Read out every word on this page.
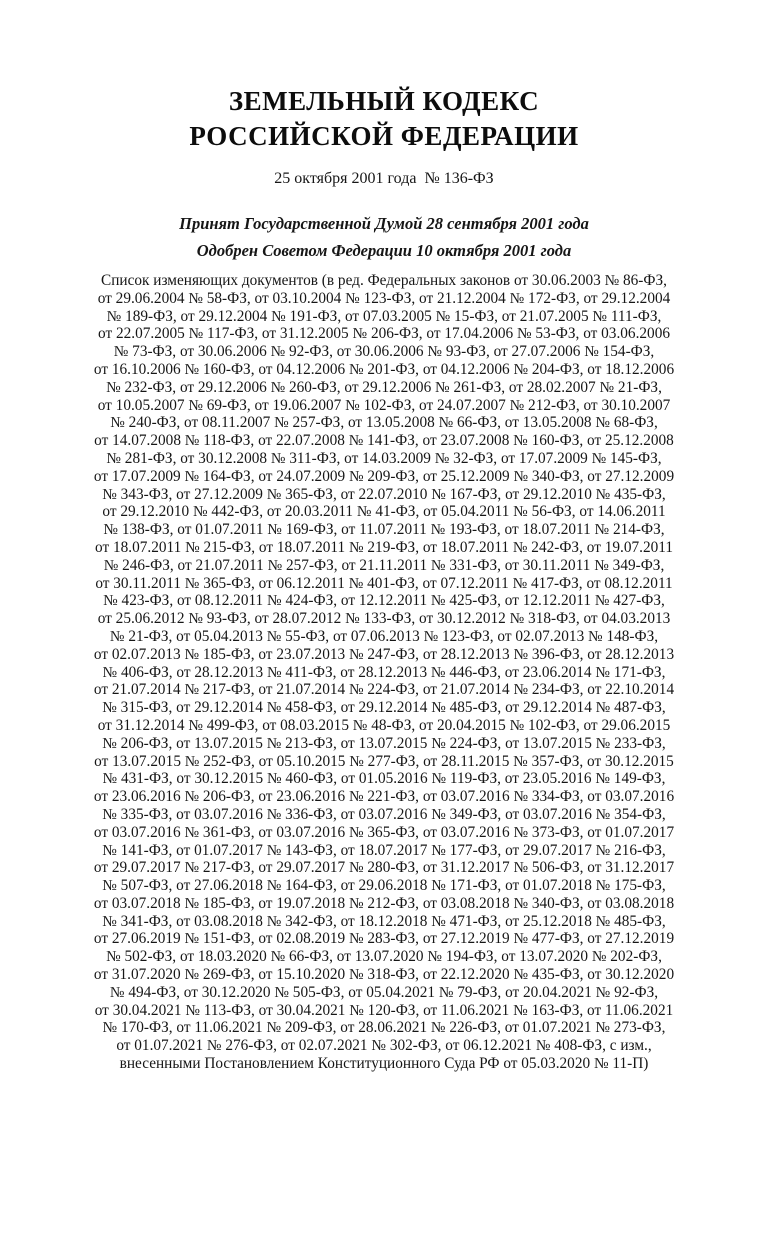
ЗЕМЕЛЬНЫЙ КОДЕКС
РОССИЙСКОЙ ФЕДЕРАЦИИ
25 октября 2001 года  № 136-ФЗ
Принят Государственной Думой 28 сентября 2001 года
Одобрен Советом Федерации 10 октября 2001 года
Список изменяющих документов (в ред. Федеральных законов от 30.06.2003 № 86-ФЗ,
от 29.06.2004 № 58-ФЗ, от 03.10.2004 № 123-ФЗ, от 21.12.2004 № 172-ФЗ, от 29.12.2004
№ 189-ФЗ, от 29.12.2004 № 191-ФЗ, от 07.03.2005 № 15-ФЗ, от 21.07.2005 № 111-ФЗ,
от 22.07.2005 № 117-ФЗ, от 31.12.2005 № 206-ФЗ, от 17.04.2006 № 53-ФЗ, от 03.06.2006
№ 73-ФЗ, от 30.06.2006 № 92-ФЗ, от 30.06.2006 № 93-ФЗ, от 27.07.2006 № 154-ФЗ,
от 16.10.2006 № 160-ФЗ, от 04.12.2006 № 201-ФЗ, от 04.12.2006 № 204-ФЗ, от 18.12.2006
№ 232-ФЗ, от 29.12.2006 № 260-ФЗ, от 29.12.2006 № 261-ФЗ, от 28.02.2007 № 21-ФЗ,
от 10.05.2007 № 69-ФЗ, от 19.06.2007 № 102-ФЗ, от 24.07.2007 № 212-ФЗ, от 30.10.2007
№ 240-ФЗ, от 08.11.2007 № 257-ФЗ, от 13.05.2008 № 66-ФЗ, от 13.05.2008 № 68-ФЗ,
от 14.07.2008 № 118-ФЗ, от 22.07.2008 № 141-ФЗ, от 23.07.2008 № 160-ФЗ, от 25.12.2008
№ 281-ФЗ, от 30.12.2008 № 311-ФЗ, от 14.03.2009 № 32-ФЗ, от 17.07.2009 № 145-ФЗ,
от 17.07.2009 № 164-ФЗ, от 24.07.2009 № 209-ФЗ, от 25.12.2009 № 340-ФЗ, от 27.12.2009
№ 343-ФЗ, от 27.12.2009 № 365-ФЗ, от 22.07.2010 № 167-ФЗ, от 29.12.2010 № 435-ФЗ,
от 29.12.2010 № 442-ФЗ, от 20.03.2011 № 41-ФЗ, от 05.04.2011 № 56-ФЗ, от 14.06.2011
№ 138-ФЗ, от 01.07.2011 № 169-ФЗ, от 11.07.2011 № 193-ФЗ, от 18.07.2011 № 214-ФЗ,
от 18.07.2011 № 215-ФЗ, от 18.07.2011 № 219-ФЗ, от 18.07.2011 № 242-ФЗ, от 19.07.2011
№ 246-ФЗ, от 21.07.2011 № 257-ФЗ, от 21.11.2011 № 331-ФЗ, от 30.11.2011 № 349-ФЗ,
от 30.11.2011 № 365-ФЗ, от 06.12.2011 № 401-ФЗ, от 07.12.2011 № 417-ФЗ, от 08.12.2011
№ 423-ФЗ, от 08.12.2011 № 424-ФЗ, от 12.12.2011 № 425-ФЗ, от 12.12.2011 № 427-ФЗ,
от 25.06.2012 № 93-ФЗ, от 28.07.2012 № 133-ФЗ, от 30.12.2012 № 318-ФЗ, от 04.03.2013
№ 21-ФЗ, от 05.04.2013 № 55-ФЗ, от 07.06.2013 № 123-ФЗ, от 02.07.2013 № 148-ФЗ,
от 02.07.2013 № 185-ФЗ, от 23.07.2013 № 247-ФЗ, от 28.12.2013 № 396-ФЗ, от 28.12.2013
№ 406-ФЗ, от 28.12.2013 № 411-ФЗ, от 28.12.2013 № 446-ФЗ, от 23.06.2014 № 171-ФЗ,
от 21.07.2014 № 217-ФЗ, от 21.07.2014 № 224-ФЗ, от 21.07.2014 № 234-ФЗ, от 22.10.2014
№ 315-ФЗ, от 29.12.2014 № 458-ФЗ, от 29.12.2014 № 485-ФЗ, от 29.12.2014 № 487-ФЗ,
от 31.12.2014 № 499-ФЗ, от 08.03.2015 № 48-ФЗ, от 20.04.2015 № 102-ФЗ, от 29.06.2015
№ 206-ФЗ, от 13.07.2015 № 213-ФЗ, от 13.07.2015 № 224-ФЗ, от 13.07.2015 № 233-ФЗ,
от 13.07.2015 № 252-ФЗ, от 05.10.2015 № 277-ФЗ, от 28.11.2015 № 357-ФЗ, от 30.12.2015
№ 431-ФЗ, от 30.12.2015 № 460-ФЗ, от 01.05.2016 № 119-ФЗ, от 23.05.2016 № 149-ФЗ,
от 23.06.2016 № 206-ФЗ, от 23.06.2016 № 221-ФЗ, от 03.07.2016 № 334-ФЗ, от 03.07.2016
№ 335-ФЗ, от 03.07.2016 № 336-ФЗ, от 03.07.2016 № 349-ФЗ, от 03.07.2016 № 354-ФЗ,
от 03.07.2016 № 361-ФЗ, от 03.07.2016 № 365-ФЗ, от 03.07.2016 № 373-ФЗ, от 01.07.2017
№ 141-ФЗ, от 01.07.2017 № 143-ФЗ, от 18.07.2017 № 177-ФЗ, от 29.07.2017 № 216-ФЗ,
от 29.07.2017 № 217-ФЗ, от 29.07.2017 № 280-ФЗ, от 31.12.2017 № 506-ФЗ, от 31.12.2017
№ 507-ФЗ, от 27.06.2018 № 164-ФЗ, от 29.06.2018 № 171-ФЗ, от 01.07.2018 № 175-ФЗ,
от 03.07.2018 № 185-ФЗ, от 19.07.2018 № 212-ФЗ, от 03.08.2018 № 340-ФЗ, от 03.08.2018
№ 341-ФЗ, от 03.08.2018 № 342-ФЗ, от 18.12.2018 № 471-ФЗ, от 25.12.2018 № 485-ФЗ,
от 27.06.2019 № 151-ФЗ, от 02.08.2019 № 283-ФЗ, от 27.12.2019 № 477-ФЗ, от 27.12.2019
№ 502-ФЗ, от 18.03.2020 № 66-ФЗ, от 13.07.2020 № 194-ФЗ, от 13.07.2020 № 202-ФЗ,
от 31.07.2020 № 269-ФЗ, от 15.10.2020 № 318-ФЗ, от 22.12.2020 № 435-ФЗ, от 30.12.2020
№ 494-ФЗ, от 30.12.2020 № 505-ФЗ, от 05.04.2021 № 79-ФЗ, от 20.04.2021 № 92-ФЗ,
от 30.04.2021 № 113-ФЗ, от 30.04.2021 № 120-ФЗ, от 11.06.2021 № 163-ФЗ, от 11.06.2021
№ 170-ФЗ, от 11.06.2021 № 209-ФЗ, от 28.06.2021 № 226-ФЗ, от 01.07.2021 № 273-ФЗ,
от 01.07.2021 № 276-ФЗ, от 02.07.2021 № 302-ФЗ, от 06.12.2021 № 408-ФЗ, с изм.,
внесенными Постановлением Конституционного Суда РФ от 05.03.2020 № 11-П)
